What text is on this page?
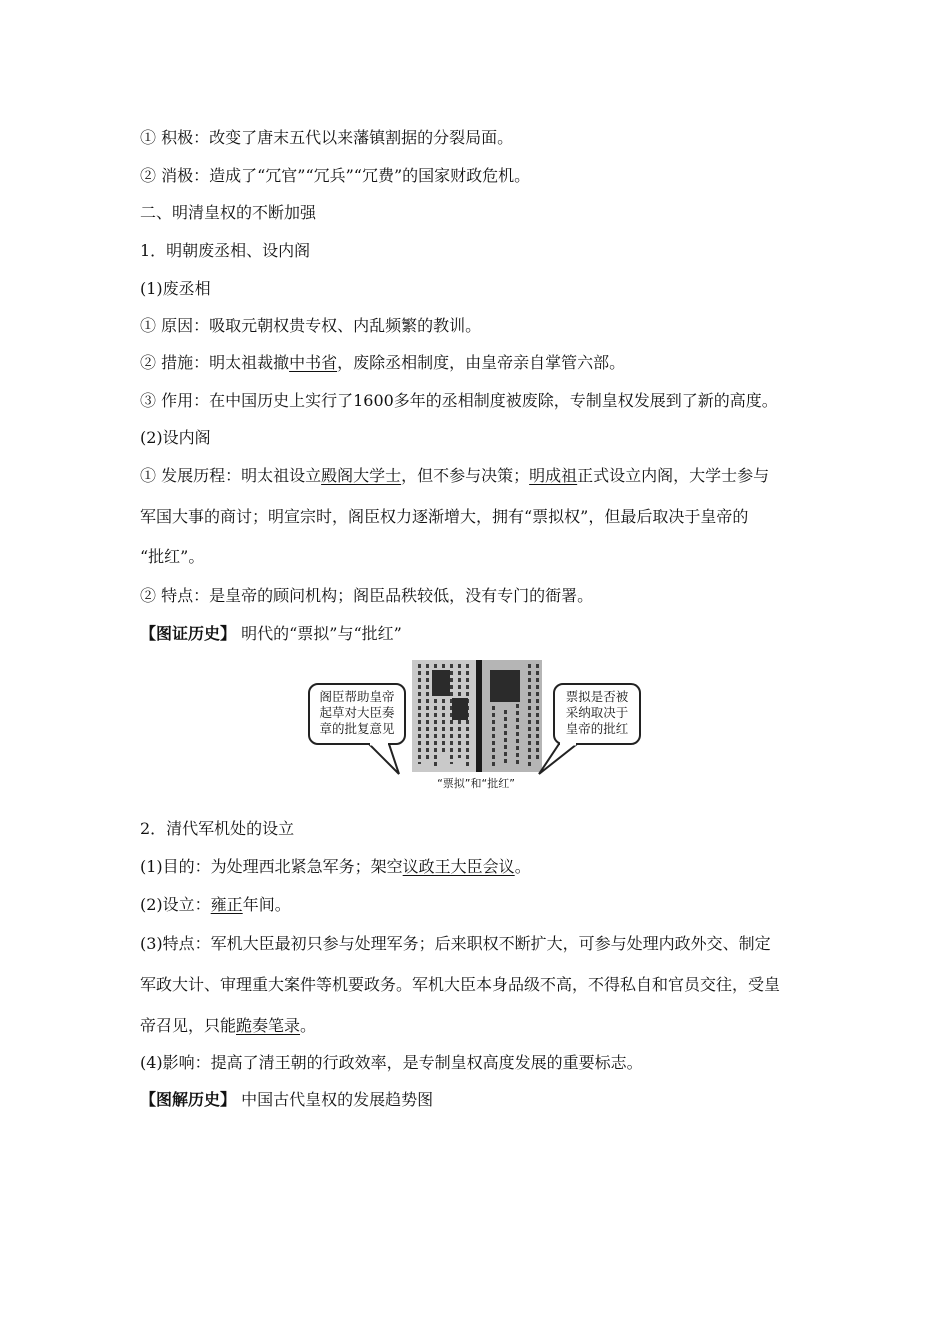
① 积极：改变了唐末五代以来藩镇割据的分裂局面。
② 消极：造成了“冗官”“冗兵”“冗费”的国家财政危机。
二、明清皇权的不断加强
1．明朝废丞相、设内阁
(1)废丞相
① 原因：吸取元朝权贵专权、内乱频繁的教训。
② 措施：明太祖裁撤中书省，废除丞相制度，由皇帝亲自掌管六部。
③ 作用：在中国历史上实行了1600多年的丞相制度被废除，专制皇权发展到了新的高度。
(2)设内阁
① 发展历程：明太祖设立殿阁大学士，但不参与决策；明成祖正式设立内阁，大学士参与
军国大事的商讨；明宣宗时，阁臣权力逐渐增大，拥有“票拟权”，但最后取决于皇帝的
“批红”。
② 特点：是皇帝的顾问机构；阁臣品秩较低，没有专门的衙署。
【图证历史】 明代的“票拟”与“批红”
阁臣帮助皇帝
起草对大臣奏
章的批复意见
票拟是否被
采纳取决于
皇帝的批红
“票拟”和“批红”
2．清代军机处的设立
(1)目的：为处理西北紧急军务；架空议政王大臣会议。
(2)设立：雍正年间。
(3)特点：军机大臣最初只参与处理军务；后来职权不断扩大，可参与处理内政外交、制定
军政大计、审理重大案件等机要政务。军机大臣本身品级不高，不得私自和官员交往，受皇
帝召见，只能跪奏笔录。
(4)影响：提高了清王朝的行政效率，是专制皇权高度发展的重要标志。
【图解历史】 中国古代皇权的发展趋势图
